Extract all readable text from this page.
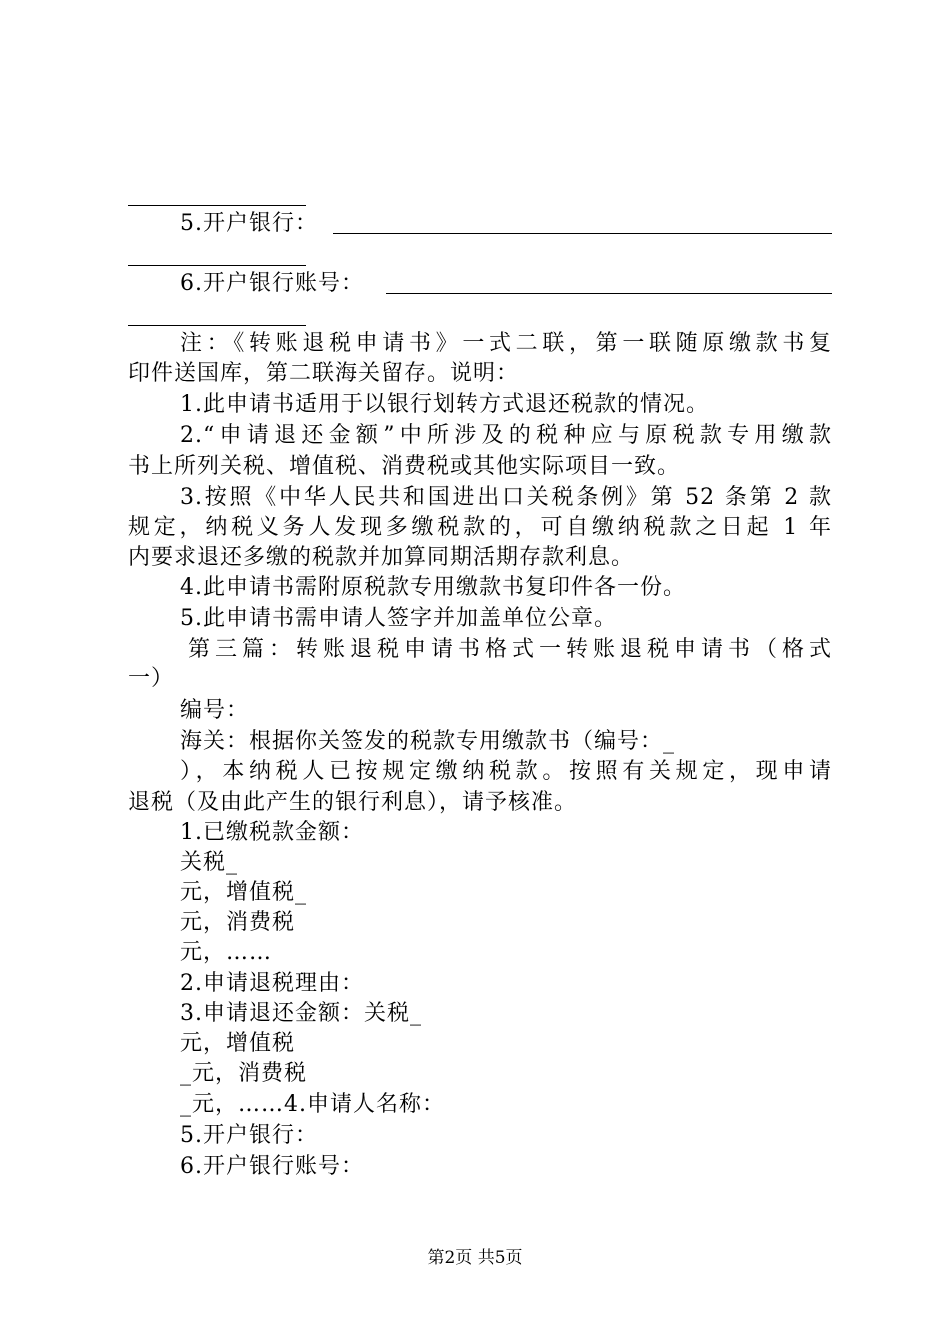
5.开户银行：
6.开户银行账号：
注：《转账退税申请书》一式二联，第一联随原缴款书复
印件送国库，第二联海关留存。说明：
1.此申请书适用于以银行划转方式退还税款的情况。
2.“申请退还金额”中所涉及的税种应与原税款专用缴款
书上所列关税、增值税、消费税或其他实际项目一致。
3.按照《中华人民共和国进出口关税条例》第 52 条第 2 款
规定，纳税义务人发现多缴税款的，可自缴纳税款之日起 1 年
内要求退还多缴的税款并加算同期活期存款利息。
4.此申请书需附原税款专用缴款书复印件各一份。
5.此申请书需申请人签字并加盖单位公章。
第三篇：转账退税申请书格式一转账退税申请书（格式
一）
编号：
海关：根据你关签发的税款专用缴款书（编号：_
），本纳税人已按规定缴纳税款。按照有关规定，现申请
退税（及由此产生的银行利息），请予核准。
1.已缴税款金额：
关税_
元，增值税_
元，消费税
元，……
2.申请退税理由：
3.申请退还金额：关税_
元，增值税
_元，消费税
_元，……4.申请人名称：
5.开户银行：
6.开户银行账号：
第2页 共5页
